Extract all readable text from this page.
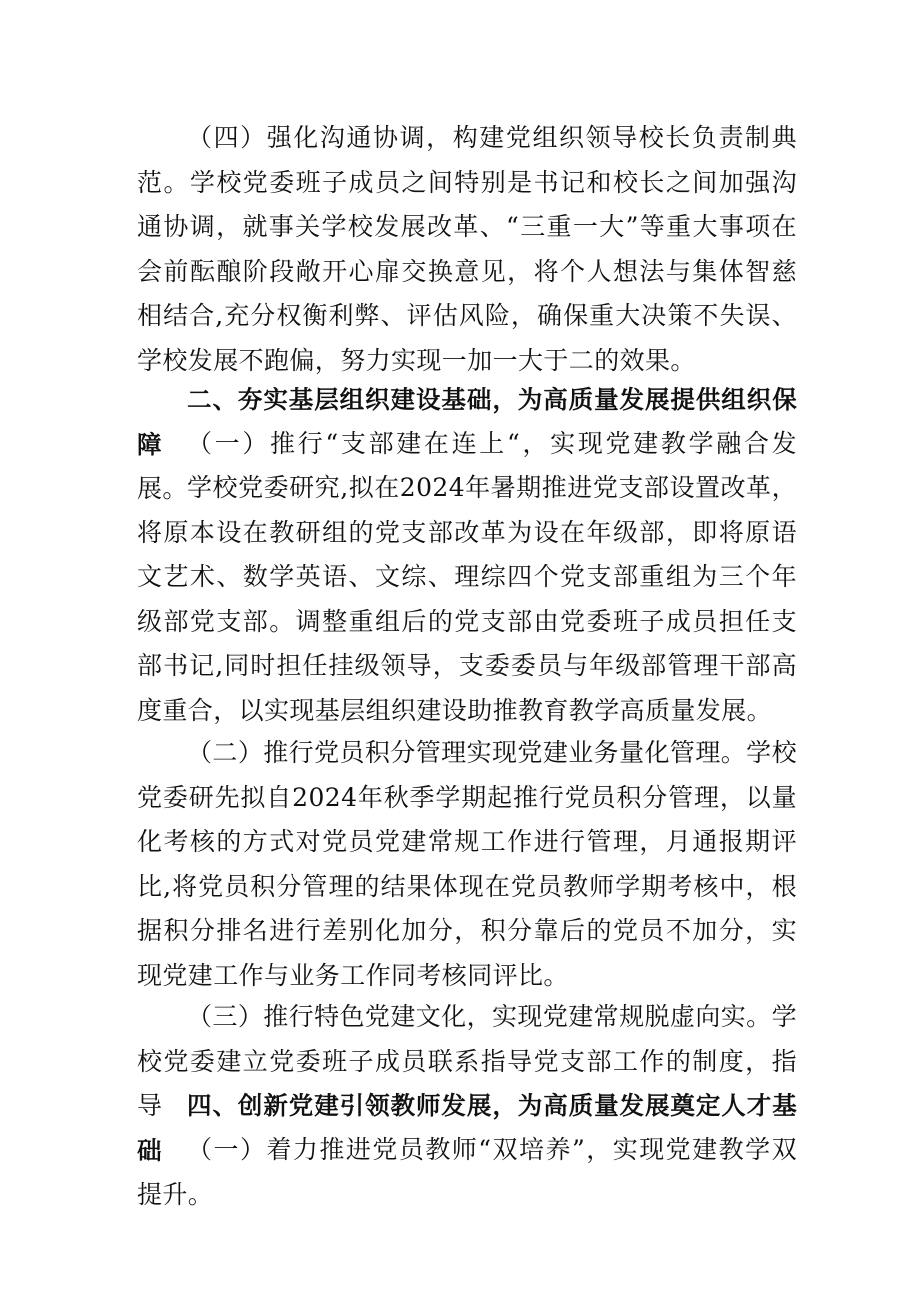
（四）强化沟通协调，构建党组织领导校长负责制典范。学校党委班子成员之间特别是书记和校长之间加强沟通协调，就事关学校发展改革、“三重一大”等重大事项在会前酝酿阶段敞开心扉交换意见，将个人想法与集体智慈相结合,充分权衡利弊、评估风险，确保重大决策不失误、学校发展不跑偏，努力实现一加一大于二的效果。
二、夯实基层组织建设基础，为高质量发展提供组织保障	（一）推行“支部建在连上“，实现党建教学融合发展。 学校党委研究,拟在2024年暑期推进党支部设置改革，将原本设在教研组的党支部改革为设在年级部，即将原语文艺术、数学英语、文综、理综四个党支部重组为三个年级部党支部。调整重组后的党支部由党委班子成员担任支部书记,同时担任挂级领导，支委委员与年级部管理干部高度重合，以实现基层组织建设助推教育教学高质量发展。
（二）推行党员积分管理实现党建业务量化管理。学校党委研先拟自2024年秋季学期起推行党员积分管理，以量化考核的方式对党员党建常规工作进行管理，月通报期评比,将党员积分管理的结果体现在党员教师学期考核中，根据积分排名进行差别化加分，积分靠后的党员不加分，实现党建工作与业务工作同考核同评比。
（三）推行特色党建文化，实现党建常规脱虚向实。学校党委建立党委班子成员联系指导党支部工作的制度，指导	四、创新党建引领教师发展，为高质量发展奠定人才基础	（一）着力推进党员教师“双培养”，实现党建教学双提升。
